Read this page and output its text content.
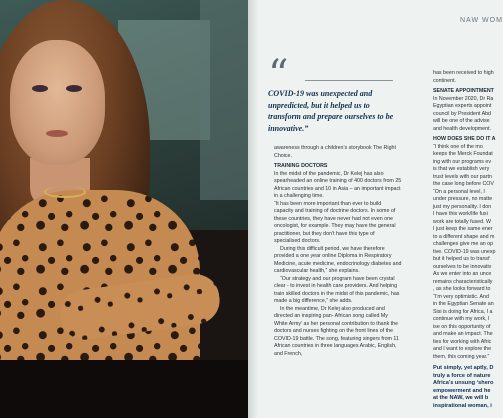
NAW WOM
“
COVID-19 was unexpected and unpredicted, but it helped us to transform and prepare ourselves to be innovative.”

awareness through a children's storybook The Right Choice.

TRAINING DOCTORS

In the midst of the pandemic, Dr Kelej has also spearheaded an online training of 400 doctors from 25 African countries and 10 in Asia – an important impact in a challenging time.

“It has been more important than ever to build capacity and training of doctrine doctors. In some of these countries, they have never had not even one oncologist, for example. They may have the general practitioner, but they don't have this type of specialised doctors.

During this difficult period, we have therefore provided a one year online Diploma in Respiratory Medicine, acute medicine, endocrinology diabetes and cardiovascular health,” she explains.

“Our strategy and our program have been crystal clear - to invest in health care providers. And helping train skilled doctors in the midst of this pandemic, has made a big difference,” she adds.

In the meantime, Dr Kelej also produced and directed an inspiring pan- African song called My White Army’ as her personal contribution to thank the doctors and nurses fighting on the front lines of the COVID-19 battle. The song, featuring singers from 11 African countries in three languages Arabic, English, and French,

has been received to high

continent.

SENATE APPOINTMENT

In November 2020, Dr Ra

Egyptian experts appoint

council by President Abd

will be one of the advise

and health development.

HOW DOES SHE DO IT A

“I think one of the mo

keeps the Merck Foundat

ing with our programs ev

is that we establish very

trust levels with our partn

the case long before COV

“On a personal level, I

under pressure, no matte

just my personality. I don

I have this work/life fusi

work are totally fused. W

I just keep the same ener

to a different shape and m

challenges give me an op

tive. COVID-19 was unexp

but it helped us to transf

ourselves to be innovativ

As we enter into an unce

remains characteristically

, as she looks forward to

“I’m very optimistic. And

in the Egyptian Senate an

Sisi is doing for Africa, I a

continue with my work, I

ise on this opportunity of

and make an impact. The

ties for working with Afric

and I want to explore the

them, this coming year.”

Put simply, yet aptly, D

truly a force of nature

Africa’s unsung ‘shero

empowerment and he

at the NAW, we will b

inspirational woman, i
